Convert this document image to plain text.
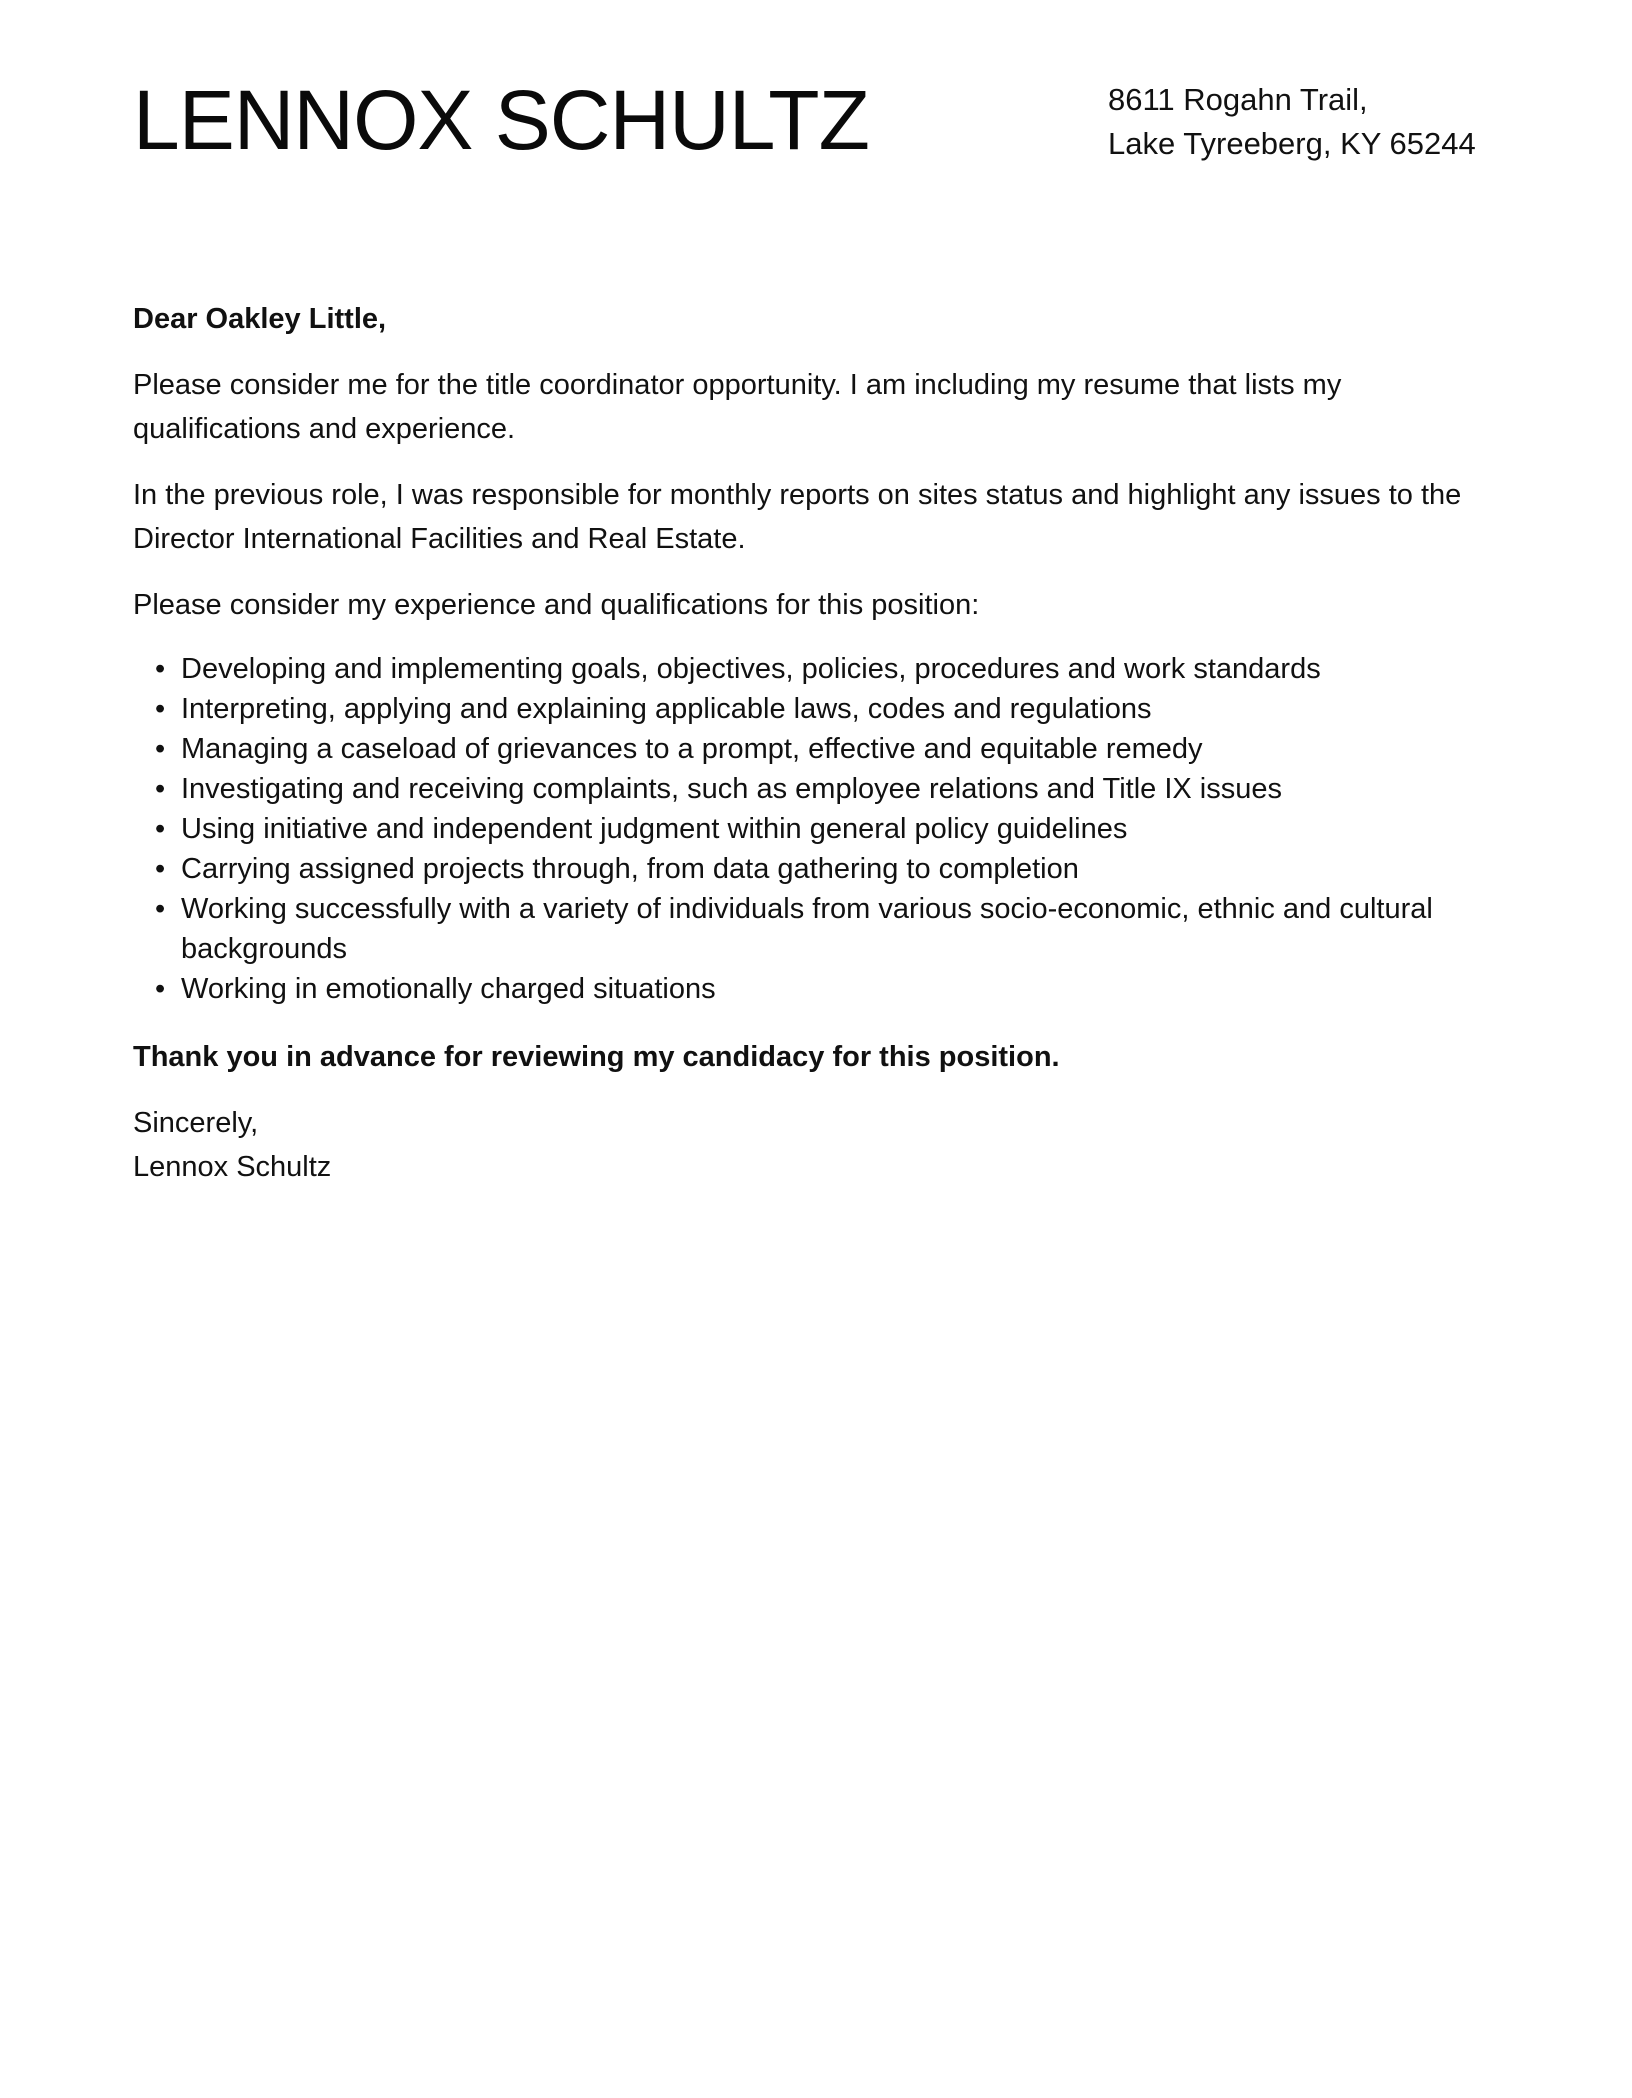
LENNOX SCHULTZ	8611 Rogahn Trail,
Lake Tyreeberg, KY 65244

Dear Oakley Little,

Please consider me for the title coordinator opportunity. I am including my resume that lists my qualifications and experience.

In the previous role, I was responsible for monthly reports on sites status and highlight any issues to the Director International Facilities and Real Estate.

Please consider my experience and qualifications for this position:

• Developing and implementing goals, objectives, policies, procedures and work standards
• Interpreting, applying and explaining applicable laws, codes and regulations
• Managing a caseload of grievances to a prompt, effective and equitable remedy
• Investigating and receiving complaints, such as employee relations and Title IX issues
• Using initiative and independent judgment within general policy guidelines
• Carrying assigned projects through, from data gathering to completion
• Working successfully with a variety of individuals from various socio-economic, ethnic and cultural backgrounds
• Working in emotionally charged situations

Thank you in advance for reviewing my candidacy for this position.

Sincerely,
Lennox Schultz
